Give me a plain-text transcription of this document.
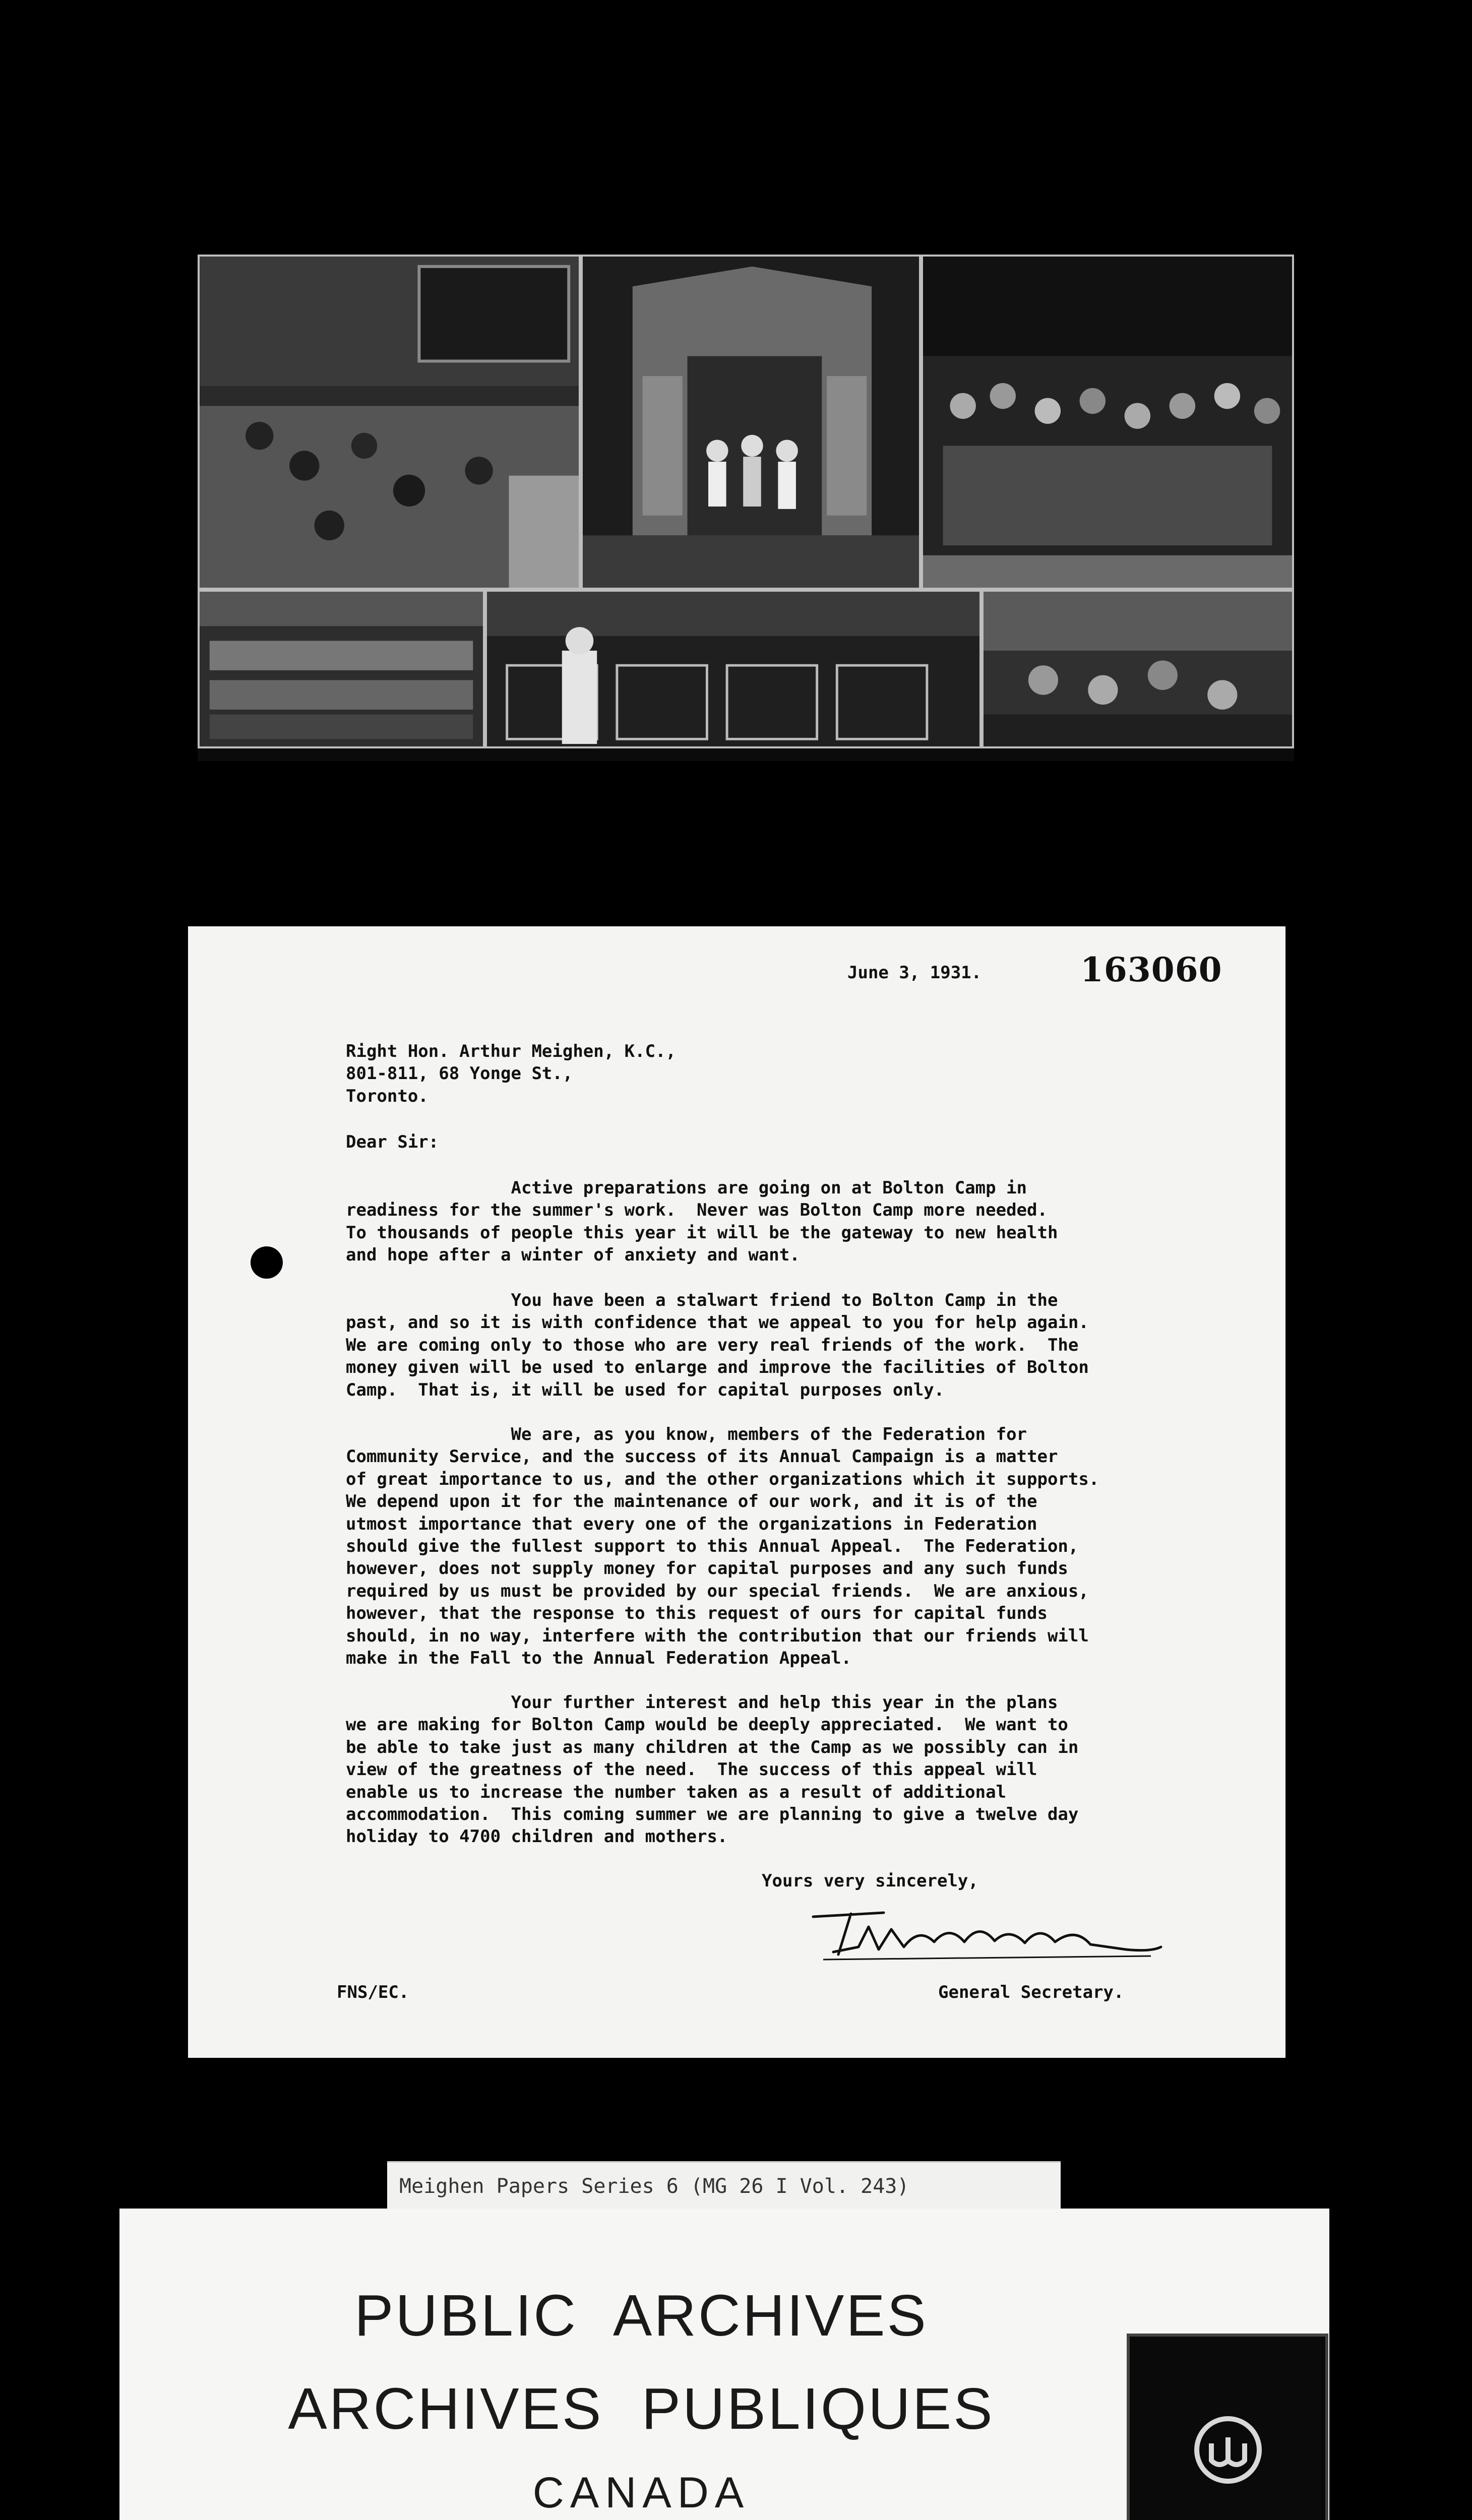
June 3, 1931.	163060
Right Hon. Arthur Meighen, K.C.,
801-811, 68 Yonge St.,
Toronto.
Dear Sir:
Active preparations are going on at Bolton Camp in
readiness for the summer's work.  Never was Bolton Camp more needed.
To thousands of people this year it will be the gateway to new health
and hope after a winter of anxiety and want.
You have been a stalwart friend to Bolton Camp in the
past, and so it is with confidence that we appeal to you for help again.
We are coming only to those who are very real friends of the work.  The
money given will be used to enlarge and improve the facilities of Bolton
Camp.  That is, it will be used for capital purposes only.
We are, as you know, members of the Federation for
Community Service, and the success of its Annual Campaign is a matter
of great importance to us, and the other organizations which it supports.
We depend upon it for the maintenance of our work, and it is of the
utmost importance that every one of the organizations in Federation
should give the fullest support to this Annual Appeal.  The Federation,
however, does not supply money for capital purposes and any such funds
required by us must be provided by our special friends.  We are anxious,
however, that the response to this request of ours for capital funds
should, in no way, interfere with the contribution that our friends will
make in the Fall to the Annual Federation Appeal.
Your further interest and help this year in the plans
we are making for Bolton Camp would be deeply appreciated.  We want to
be able to take just as many children at the Camp as we possibly can in
view of the greatness of the need.  The success of this appeal will
enable us to increase the number taken as a result of additional
accommodation.  This coming summer we are planning to give a twelve day
holiday to 4700 children and mothers.
Yours very sincerely,
FNS/EC.	General Secretary.
Meighen Papers Series 6 (MG 26 I Vol. 243)
PUBLIC ARCHIVES
ARCHIVES PUBLIQUES
CANADA
